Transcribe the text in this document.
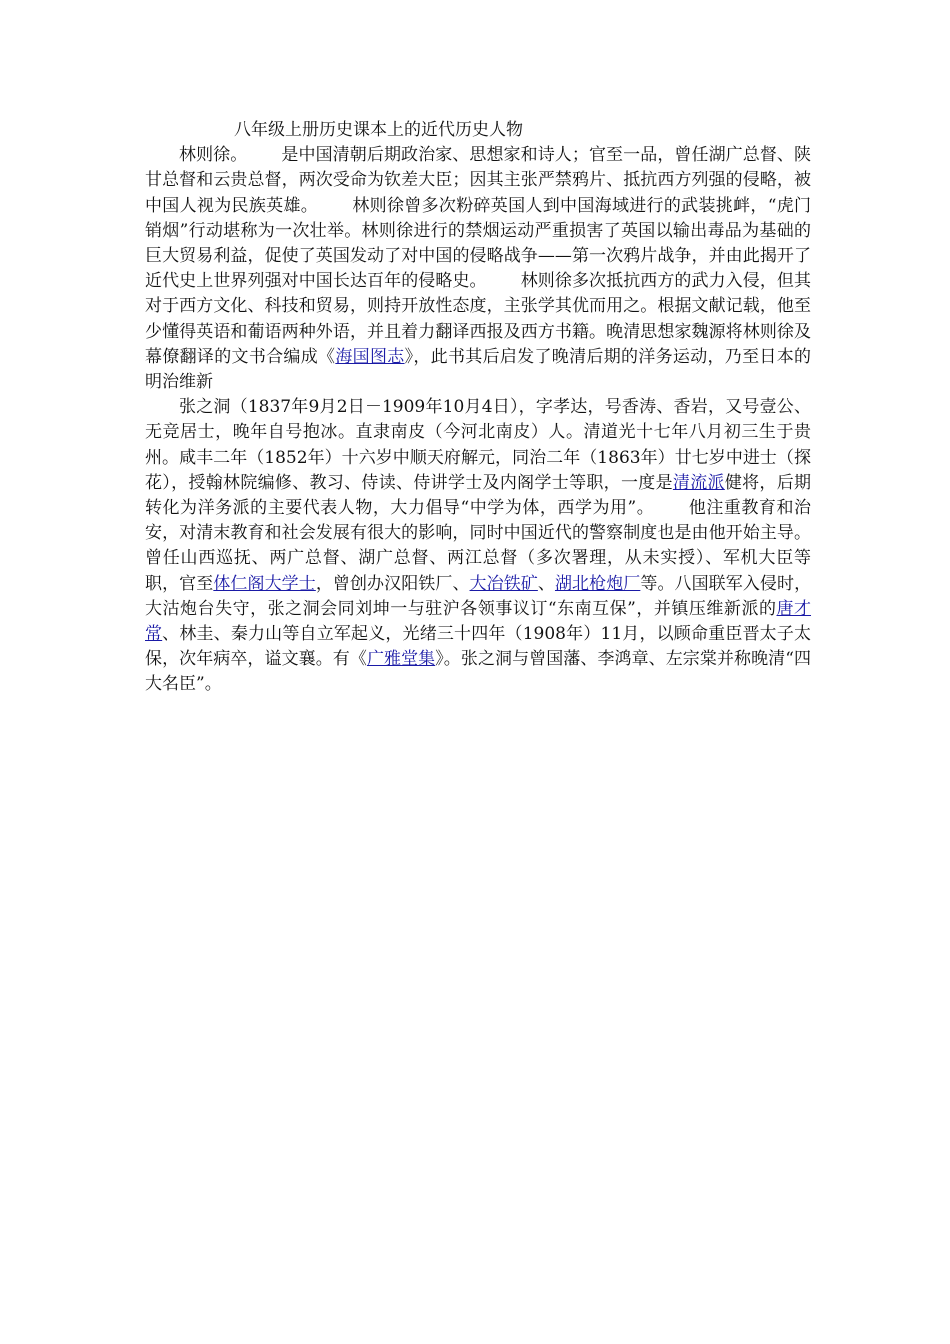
八年级上册历史课本上的近代历史人物

林则徐。 是中国清朝后期政治家、思想家和诗人；官至一品，曾任湖广总督、陕甘总督和云贵总督，两次受命为钦差大臣；因其主张严禁鸦片、抵抗西方列强的侵略，被中国人视为民族英雄。 林则徐曾多次粉碎英国人到中国海域进行的武装挑衅，“虎门销烟”行动堪称为一次壮举。林则徐进行的禁烟运动严重损害了英国以输出毒品为基础的巨大贸易利益，促使了英国发动了对中国的侵略战争——第一次鸦片战争，并由此揭开了近代史上世界列强对中国长达百年的侵略史。 林则徐多次抵抗西方的武力入侵，但其对于西方文化、科技和贸易，则持开放性态度，主张学其优而用之。根据文献记载，他至少懂得英语和葡语两种外语，并且着力翻译西报及西方书籍。晚清思想家魏源将林则徐及幕僚翻译的文书合编成《海国图志》，此书其后启发了晚清后期的洋务运动，乃至日本的明治维新

张之洞（1837年9月2日－1909年10月4日），字孝达，号香涛、香岩，又号壹公、无竞居士，晚年自号抱冰。直隶南皮（今河北南皮）人。清道光十七年八月初三生于贵州。咸丰二年（1852年）十六岁中顺天府解元，同治二年（1863年）廿七岁中进士（探花），授翰林院编修、教习、侍读、侍讲学士及内阁学士等职，一度是清流派健将，后期转化为洋务派的主要代表人物，大力倡导“中学为体，西学为用”。 他注重教育和治安，对清末教育和社会发展有很大的影响，同时中国近代的警察制度也是由他开始主导。曾任山西巡抚、两广总督、湖广总督、两江总督（多次署理，从未实授）、军机大臣等职，官至体仁阁大学士，曾创办汉阳铁厂、大冶铁矿、湖北枪炮厂等。八国联军入侵时，大沽炮台失守，张之洞会同刘坤一与驻沪各领事议订“东南互保”，并镇压维新派的唐才常、林圭、秦力山等自立军起义，光绪三十四年（1908年）11月，以顾命重臣晋太子太保，次年病卒，谥文襄。有《广雅堂集》。张之洞与曾国藩、李鸿章、左宗棠并称晚清“四大名臣”。
